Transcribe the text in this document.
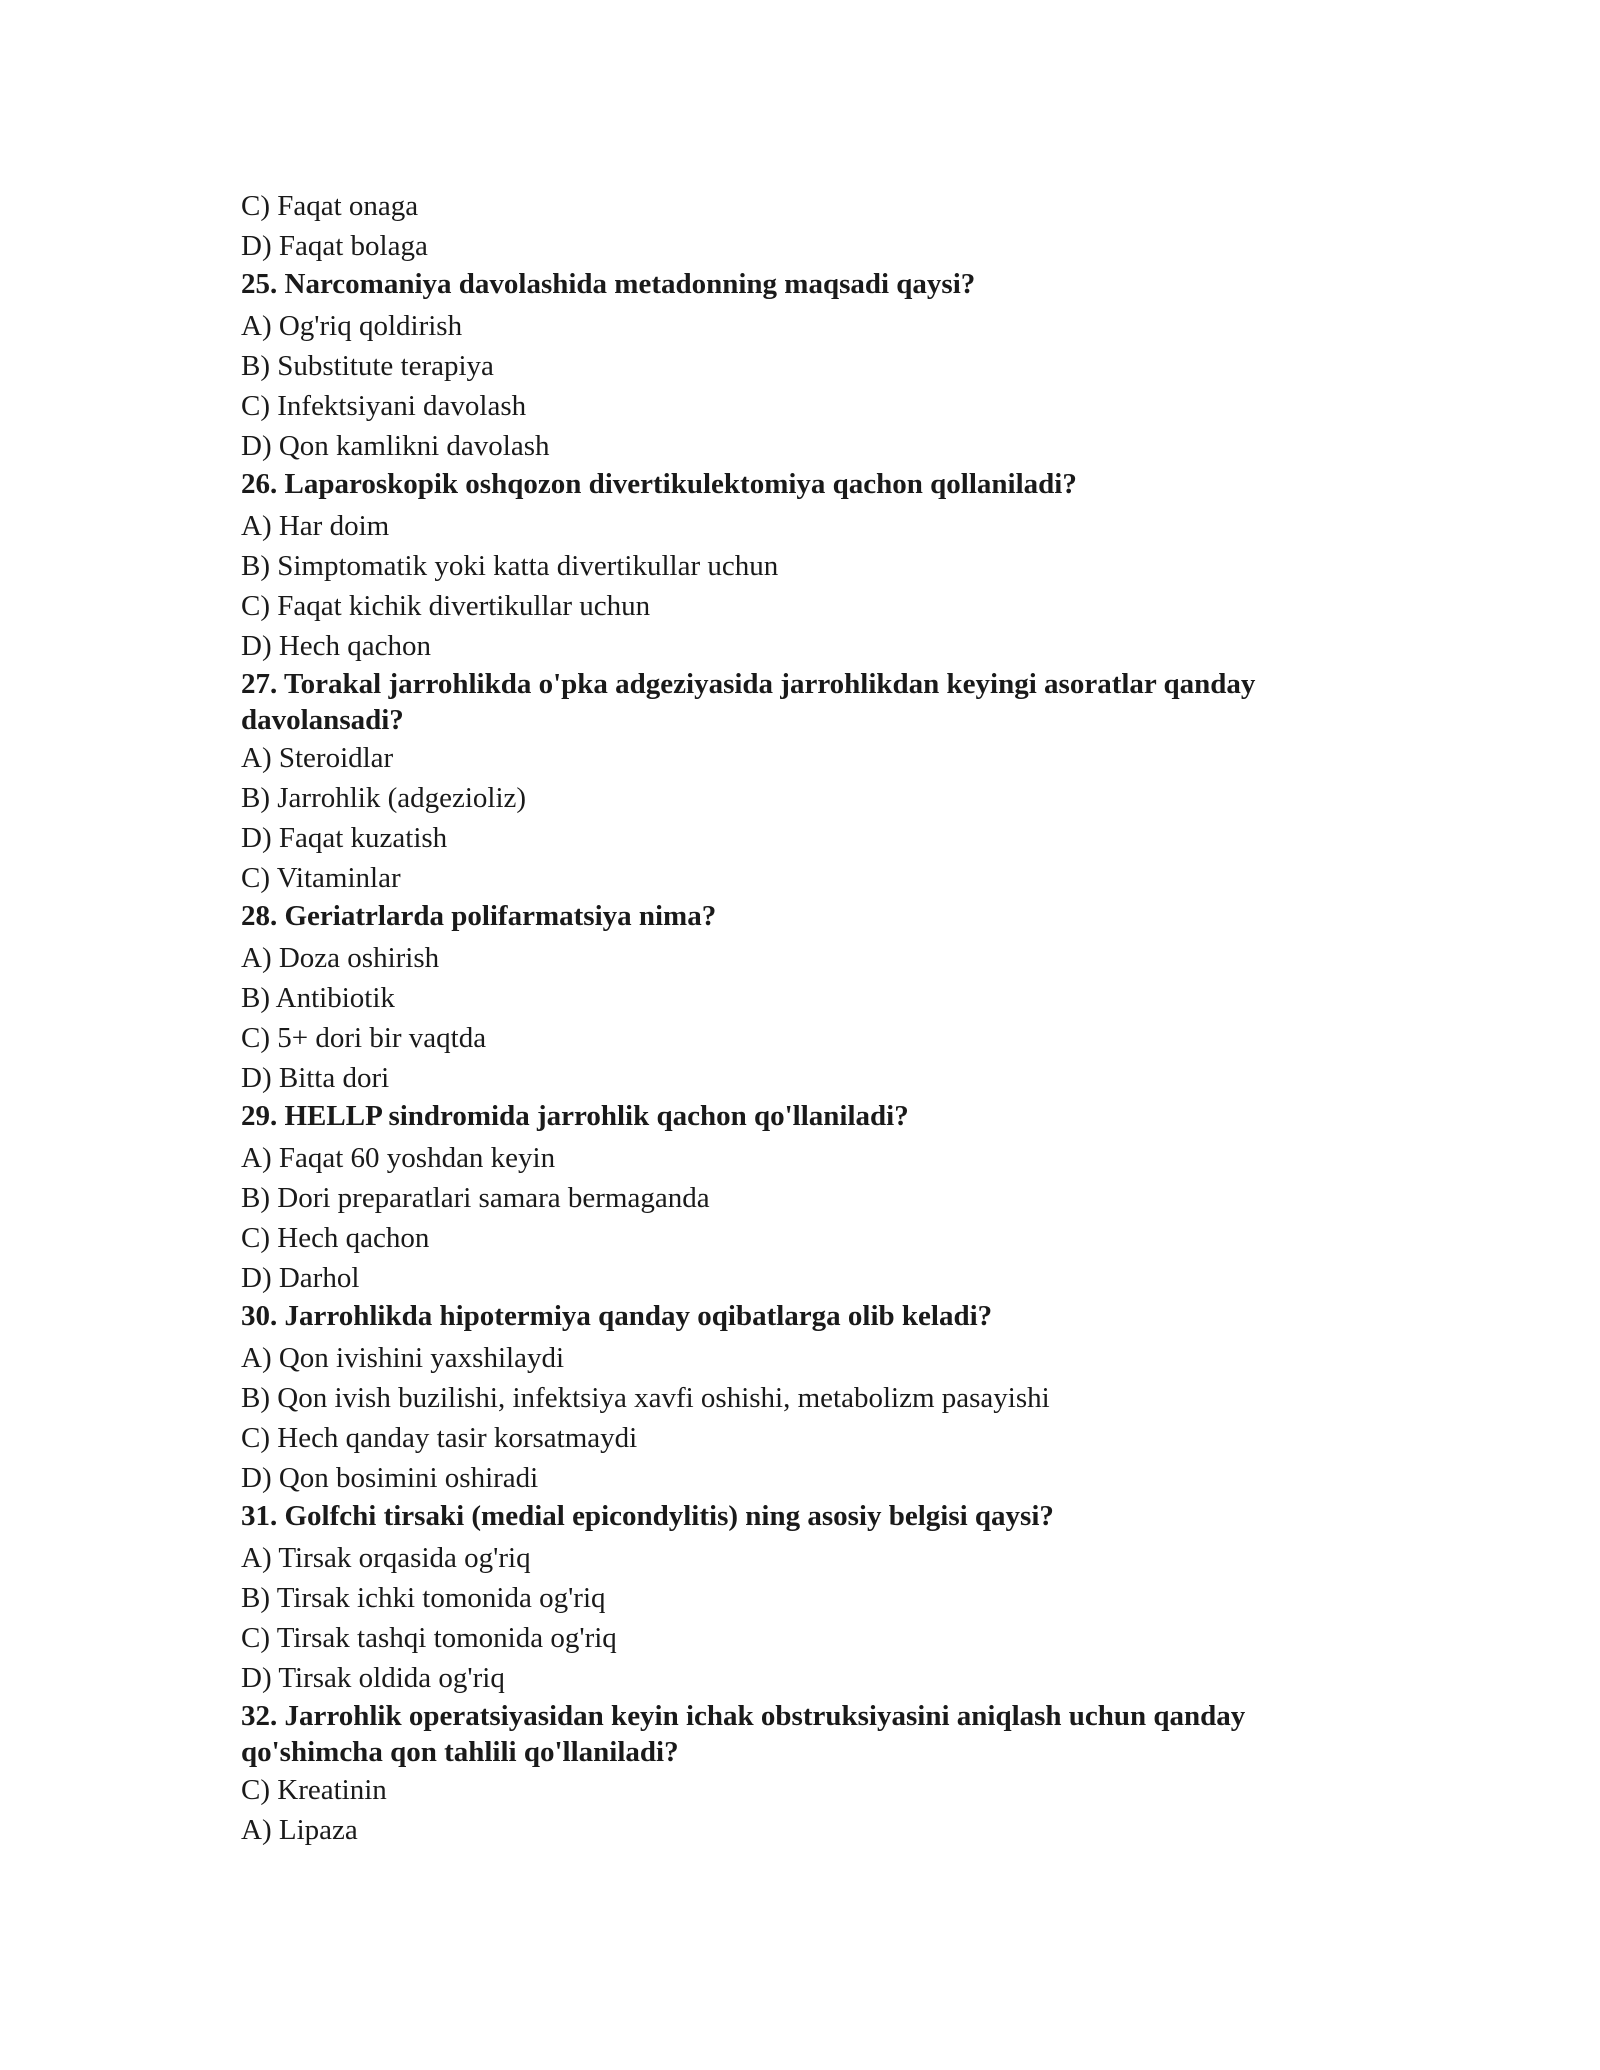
C) Faqat onaga
D) Faqat bolaga
25. Narcomaniya davolashida metadonning maqsadi qaysi?
A) Og'riq qoldirish
B) Substitute terapiya
C) Infektsiyani davolash
D) Qon kamlikni davolash
26. Laparoskopik oshqozon divertikulektomiya qachon qollaniladi?
A) Har doim
B) Simptomatik yoki katta divertikullar uchun
C) Faqat kichik divertikullar uchun
D) Hech qachon
27. Torakal jarrohlikda o'pka adgeziyasida jarrohlikdan keyingi asoratlar qanday davolansadi?
A) Steroidlar
B) Jarrohlik (adgezioliz)
D) Faqat kuzatish
C) Vitaminlar
28. Geriatrlarda polifarmatsiya nima?
A) Doza oshirish
B) Antibiotik
C) 5+ dori bir vaqtda
D) Bitta dori
29. HELLP sindromida jarrohlik qachon qo'llaniladi?
A) Faqat 60 yoshdan keyin
B) Dori preparatlari samara bermaganda
C) Hech qachon
D) Darhol
30. Jarrohlikda hipotermiya qanday oqibatlarga olib keladi?
A) Qon ivishini yaxshilaydi
B) Qon ivish buzilishi, infektsiya xavfi oshishi, metabolizm pasayishi
C) Hech qanday tasir korsatmaydi
D) Qon bosimini oshiradi
31. Golfchi tirsaki (medial epicondylitis) ning asosiy belgisi qaysi?
A) Tirsak orqasida og'riq
B) Tirsak ichki tomonida og'riq
C) Tirsak tashqi tomonida og'riq
D) Tirsak oldida og'riq
32. Jarrohlik operatsiyasidan keyin ichak obstruksiyasini aniqlash uchun qanday qo'shimcha qon tahlili qo'llaniladi?
C) Kreatinin
A) Lipaza
